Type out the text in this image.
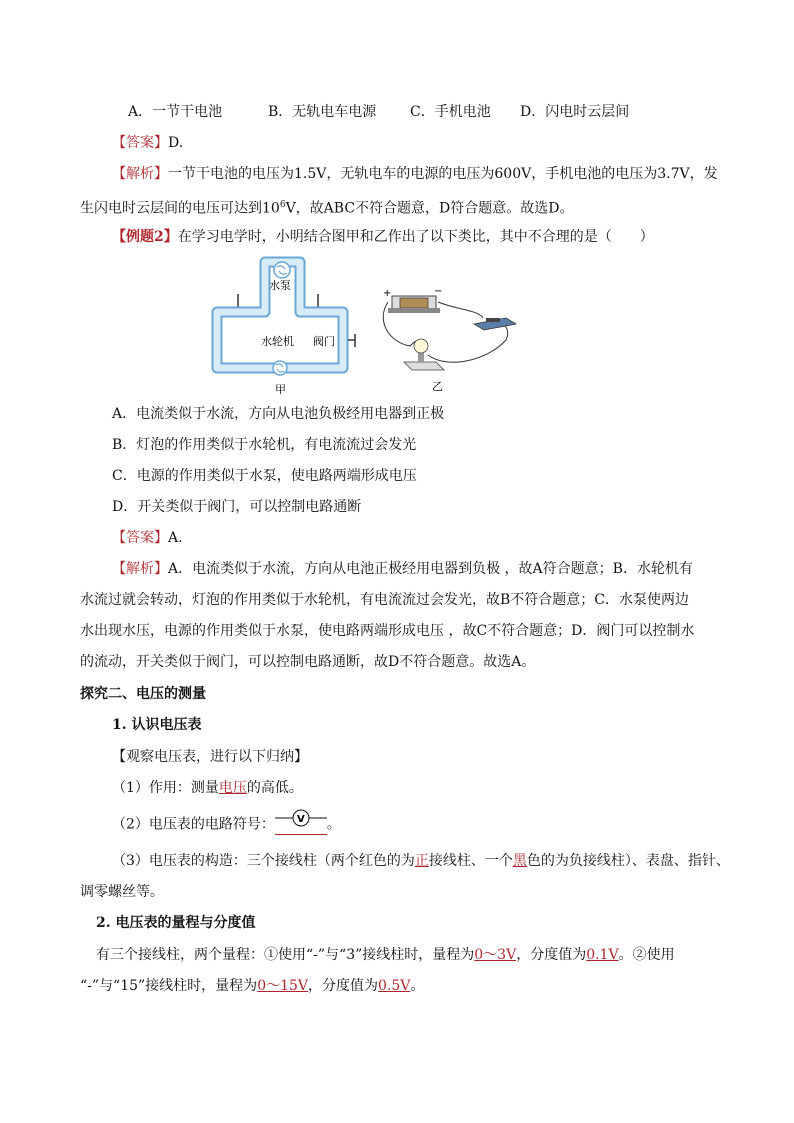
A．一节干电池	B．无轨电车电源 C．手机电池 D．闪电时云层间
【答案】D.
【解析】一节干电池的电压为1.5V，无轨电车的电源的电压为600V，手机电池的电压为3.7V，发
生闪电时云层间的电压可达到$10^6V$，故ABC不符合题意，D符合题意。故选D。
【例题2】在学习电学时，小明结合图甲和乙作出了以下类比，其中不合理的是（　　）
水泵
水轮机 阀门
甲
+	−
乙
A．电流类似于水流，方向从电池负极经用电器到正极
B．灯泡的作用类似于水轮机，有电流流过会发光
C．电源的作用类似于水泵，使电路两端形成电压
D．开关类似于阀门，可以控制电路通断
【答案】A.
【解析】A．电流类似于水流，方向从电池正极经用电器到负极 ，故A符合题意；B．水轮机有
水流过就会转动，灯泡的作用类似于水轮机，有电流流过会发光，故B不符合题意；C．水泵使两边
水出现水压，电源的作用类似于水泵，使电路两端形成电压 ，故C不符合题意；D．阀门可以控制水
的流动，开关类似于阀门，可以控制电路通断，故D不符合题意。故选A。
探究二、电压的测量
1. 认识电压表
【观察电压表，进行以下归纳】
（1）作用：测量电压的高低。
（2）电压表的电路符号： V 。
（3）电压表的构造：三个接线柱（两个红色的为正接线柱、一个黑色的为负接线柱）、表盘、指针、
调零螺丝等。
2. 电压表的量程与分度值
有三个接线柱，两个量程：①使用“-”与“3”接线柱时，量程为0～3V，分度值为0.1V。②使用
“-”与“15”接线柱时，量程为0～15V，分度值为0.5V。
